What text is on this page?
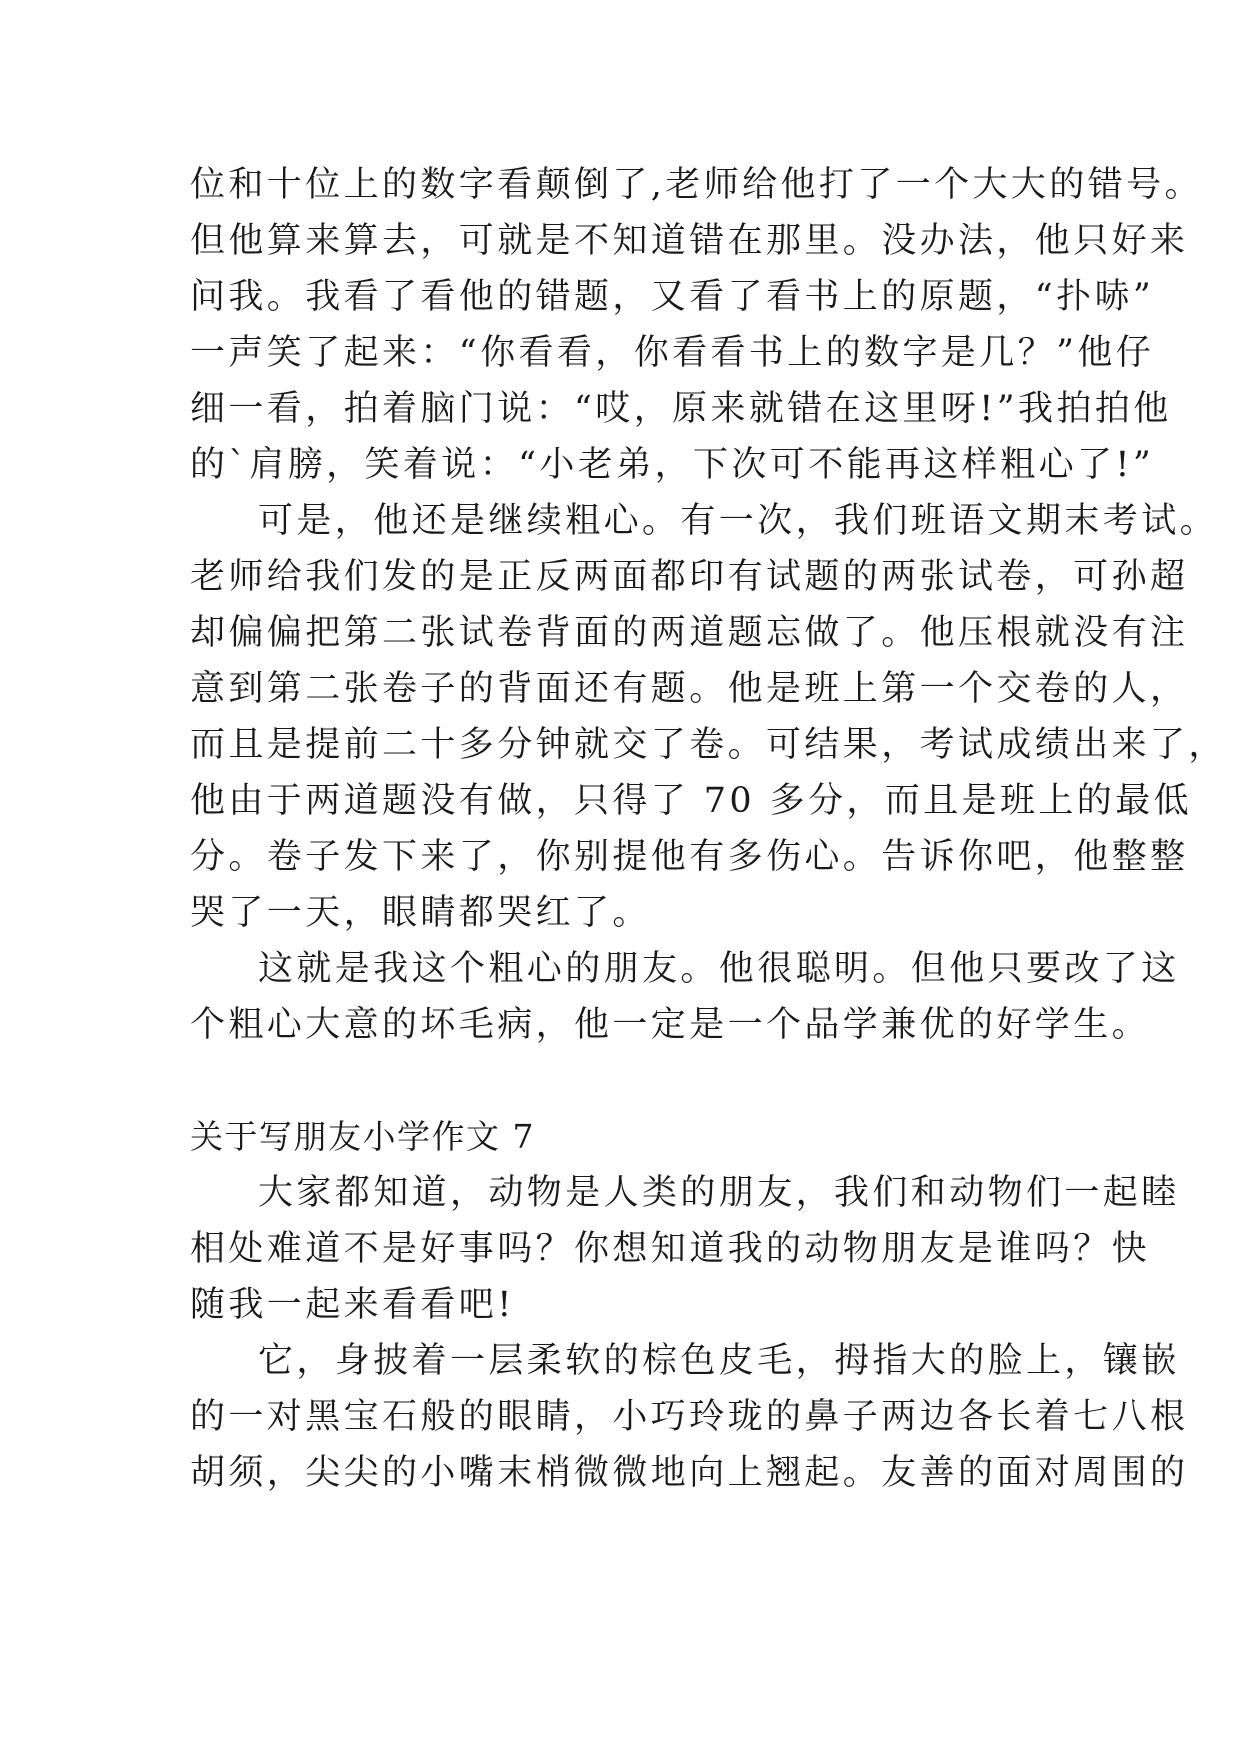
位和十位上的数字看颠倒了,老师给他打了一个大大的错号。
但他算来算去，可就是不知道错在那里。没办法，他只好来
问我。我看了看他的错题，又看了看书上的原题，“扑哧”
一声笑了起来：“你看看，你看看书上的数字是几？”他仔
细一看，拍着脑门说：“哎，原来就错在这里呀!”我拍拍他
的`肩膀，笑着说：“小老弟，下次可不能再这样粗心了!”
可是，他还是继续粗心。有一次，我们班语文期末考试。
老师给我们发的是正反两面都印有试题的两张试卷，可孙超
却偏偏把第二张试卷背面的两道题忘做了。他压根就没有注
意到第二张卷子的背面还有题。他是班上第一个交卷的人，
而且是提前二十多分钟就交了卷。可结果，考试成绩出来了，
他由于两道题没有做，只得了 70 多分，而且是班上的最低
分。卷子发下来了，你别提他有多伤心。告诉你吧，他整整
哭了一天，眼睛都哭红了。
这就是我这个粗心的朋友。他很聪明。但他只要改了这
个粗心大意的坏毛病，他一定是一个品学兼优的好学生。
关于写朋友小学作文 7
大家都知道，动物是人类的朋友，我们和动物们一起睦
相处难道不是好事吗？你想知道我的动物朋友是谁吗？快
随我一起来看看吧!
它，身披着一层柔软的棕色皮毛，拇指大的脸上，镶嵌
的一对黑宝石般的眼睛，小巧玲珑的鼻子两边各长着七八根
胡须，尖尖的小嘴末梢微微地向上翘起。友善的面对周围的
